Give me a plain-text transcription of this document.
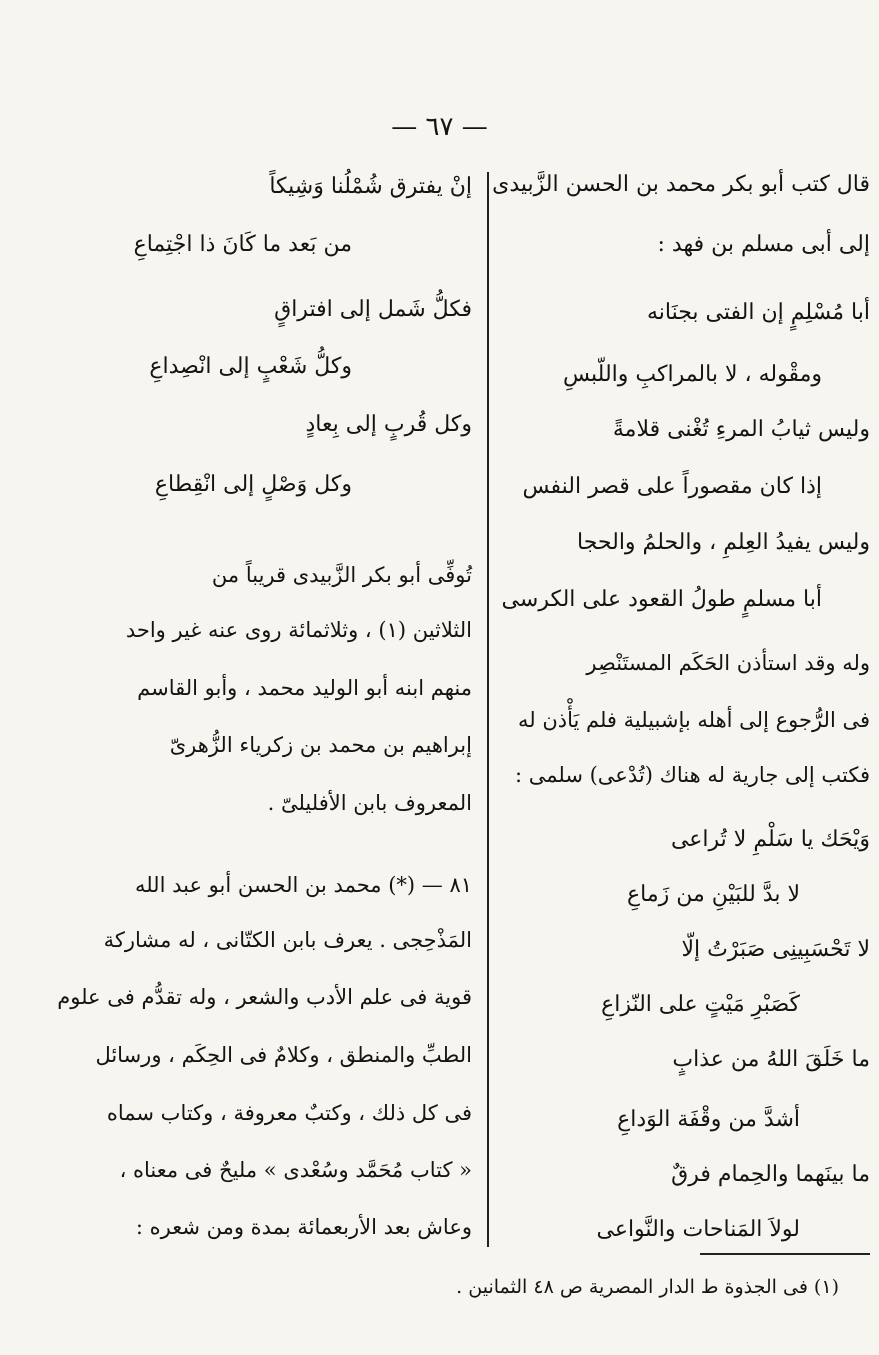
— ٦٧ —
قال كتب أبو بكر محمد بن الحسن الزَّبيدى
إلى أبى مسلم بن فهد :
أبا مُسْلِمٍ إن الفتى بجنَانه
ومقْوله ، لا بالمراكبِ واللّبسِ
وليس ثيابُ المرءِ تُغْنى قلامةً
إذا كان مقصوراً على قصر النفس
وليس يفيدُ العِلمِ ، والحلمُ والحجا
أبا مسلمٍ طولُ القعود على الكرسى
وله وقد استأذن الحَكَم المستَنْصِر
فى الرُّجوع إلى أهله بإشبيلية فلم يَأْذن له
فكتب إلى جارية له هناك (تُدْعى) سلمى :
وَيْحَك يا سَلْمِ لا تُراعى
لا بدَّ للبَيْنِ من زَماعِ
لا تَحْسَبِينِى صَبَرْتُ إلّا
كَصَبْرِ مَيْتٍ على النّزاعِ
ما خَلَقَ اللهُ من عذابٍ
أشدَّ من وقْفَة الوَداعِ
ما بينَهما والحِمام فرقٌ
لولاَ المَناحات والنَّواعى
إنْ يفترق شُمْلُنا وَشِيكاً
من بَعد ما كَانَ ذا اجْتِماعِ
فكلُّ شَمل إلى افتراقٍ
وكلُّ شَعْبٍ إلى انْصِداعِ
وكل قُربٍ إلى بِعادٍ
وكل وَصْلٍ إلى انْقِطاعِ
تُوفِّى أبو بكر الزَّبيدى قريباً من
الثلاثين (١) ، وثلاثمائة روى عنه غير واحد
منهم ابنه أبو الوليد محمد ، وأبو القاسم
إبراهيم بن محمد بن زكرياء الزُّهرىّ
المعروف بابن الأفليلىّ .
٨١ — (*) محمد بن الحسن أبو عبد الله
المَذْحِجى . يعرف بابن الكتّانى ، له مشاركة
قوية فى علم الأدب والشعر ، وله تقدُّم فى علوم
الطبِّ والمنطق ، وكلامٌ فى الحِكَم ، ورسائل
فى كل ذلك ، وكتبٌ معروفة ، وكتاب سماه
« كتاب مُحَمَّد وسُعْدى » مليحٌ فى معناه ،
وعاش بعد الأربعمائة بمدة ومن شعره :
(١) فى الجذوة ط الدار المصرية ص ٤٨ الثمانين .
